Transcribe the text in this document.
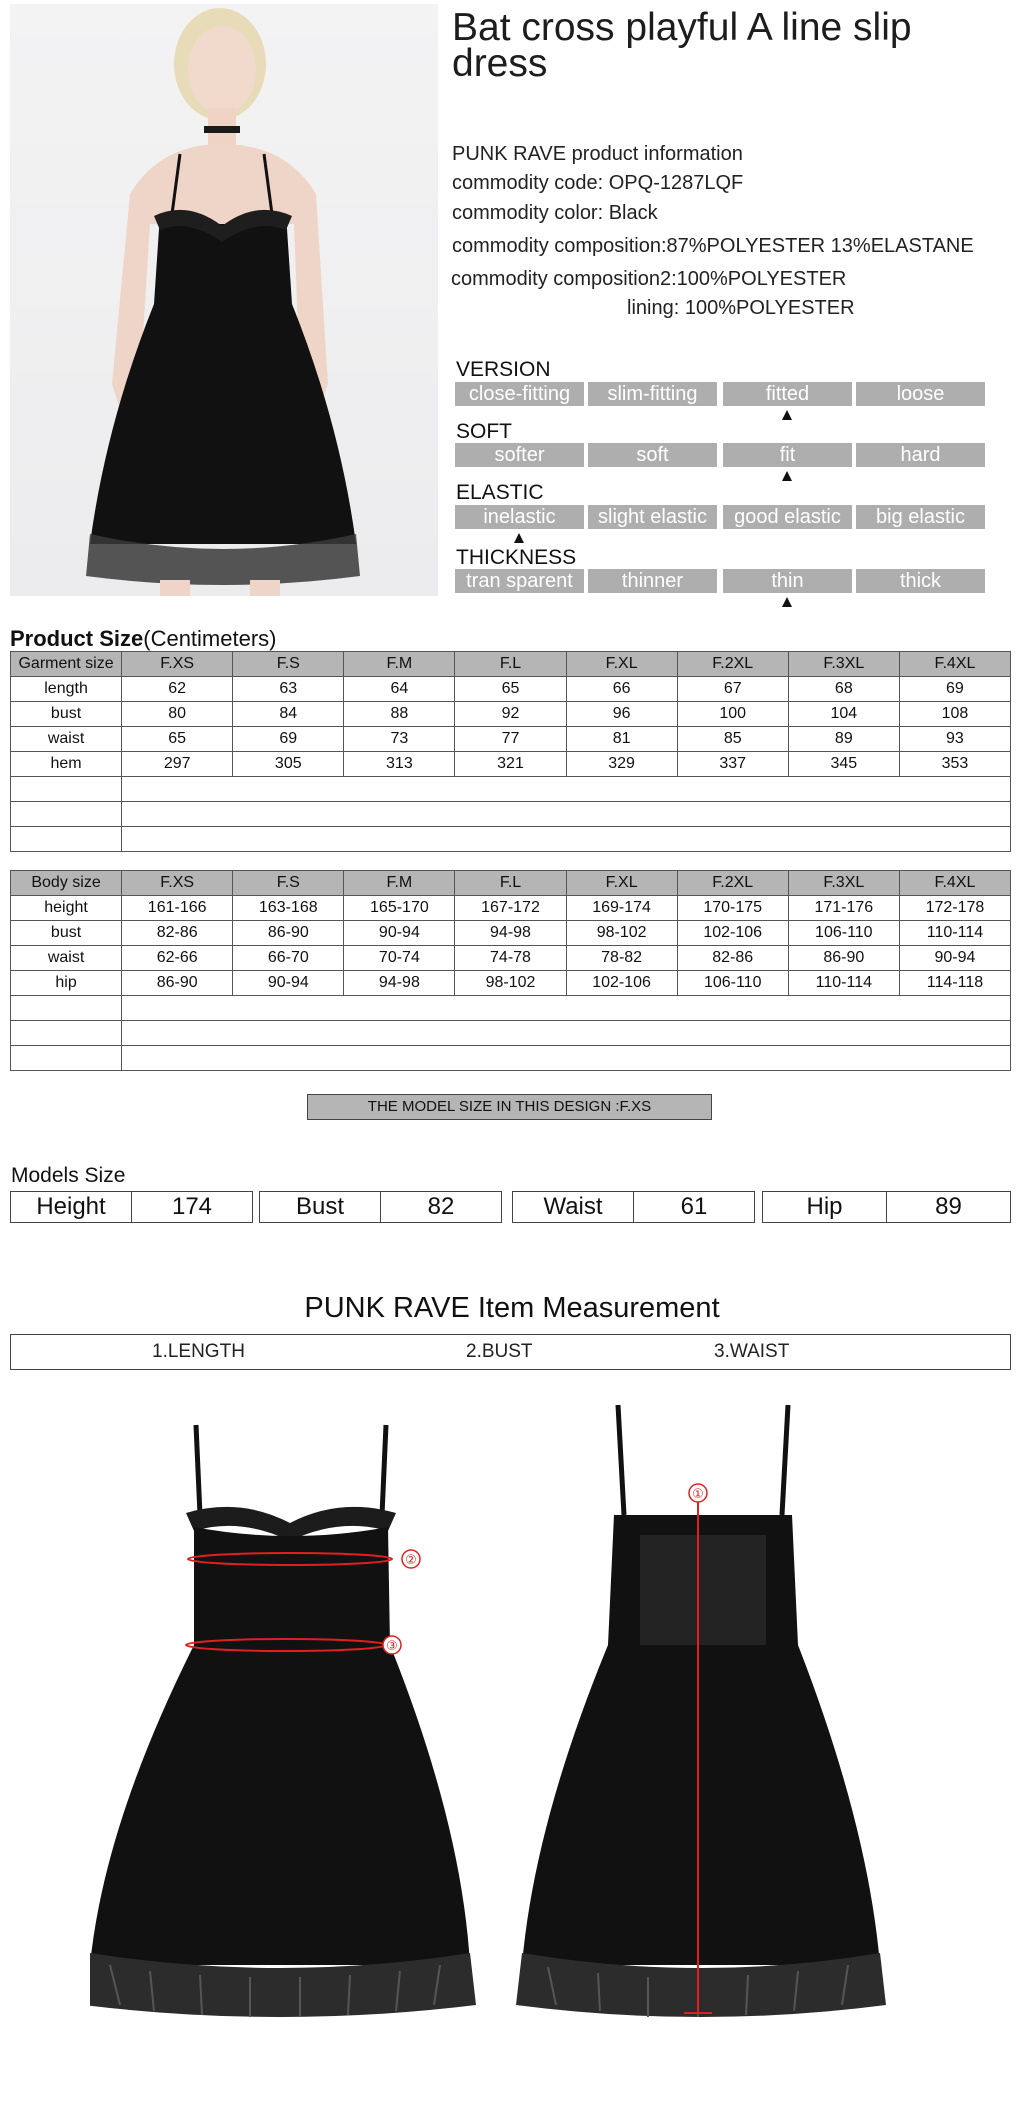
Bat cross playful A line slip dress
PUNK RAVE product information
commodity code: OPQ-1287LQF
commodity color: Black
commodity composition:87%POLYESTER 13%ELASTANE
commodity composition2:100%POLYESTER
lining: 100%POLYESTER
VERSION
close-fitting	slim-fitting	fitted	loose
SOFT
softer	soft	fit	hard
ELASTIC
inelastic	slight elastic	good elastic	big elastic
THICKNESS
tran sparent	thinner	thin	thick
Product Size(Centimeters)
Garment size	F.XS	F.S	F.M	F.L	F.XL	F.2XL	F.3XL	F.4XL
length	62	63	64	65	66	67	68	69
bust	80	84	88	92	96	100	104	108
waist	65	69	73	77	81	85	89	93
hem	297	305	313	321	329	337	345	353

Body size	F.XS	F.S	F.M	F.L	F.XL	F.2XL	F.3XL	F.4XL
height	161-166	163-168	165-170	167-172	169-174	170-175	171-176	172-178
bust	82-86	86-90	90-94	94-98	98-102	102-106	106-110	110-114
waist	62-66	66-70	70-74	74-78	78-82	82-86	86-90	90-94
hip	86-90	90-94	94-98	98-102	102-106	106-110	110-114	114-118

THE MODEL SIZE IN THIS DESIGN :F.XS
Models Size
Height	174	Bust	82	Waist	61	Hip	89
PUNK RAVE Item Measurement
1.LENGTH	2.BUST	3.WAIST
②
③
①
